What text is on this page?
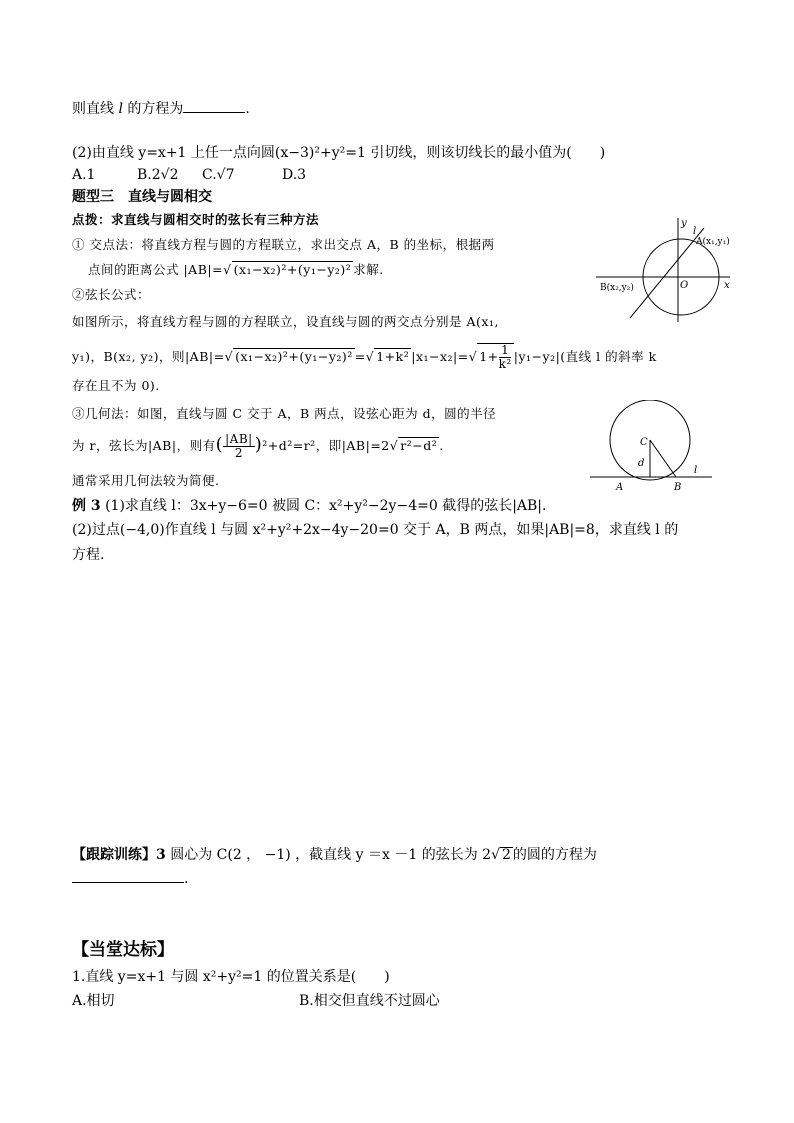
则直线 l 的方程为	.
(2)由直线 y=x+1 上任一点向圆(x−3)²+y²=1 引切线，则该切线长的最小值为(　　)
A.1	B.2√2 C.√7	D.3
题型三　直线与圆相交
点拨：求直线与圆相交时的弦长有三种方法
① 交点法：将直线方程与圆的方程联立，求出交点 A，B 的坐标，根据两
点间的距离公式 |AB|=√ (x₁−x₂)²+(y₁−y₂)² 求解.
②弦长公式：
如图所示，将直线方程与圆的方程联立，设直线与圆的两交点分别是 A(x₁,
y₁)，B(x₂, y₂)，则|AB|=√ (x₁−x₂)²+(y₁−y₂)² =√ 1+k² |x₁−x₂|=√ $1+ \frac{1}{\text{k²}} |y_1-y_2|$(直线 l 的斜率 k
存在且不为 0).
③几何法：如图，直线与圆 C 交于 A，B 两点，设弦心距为 d，圆的半径
为 r，弦长为|AB|，则有( $\frac{|AB|}{2} )^2+d^2=r^2$，即|AB|=2√ r²−d² .
通常采用几何法较为简便.
例 3 (1)求直线 l：3x+y−6=0 被圆 C：x²+y²−2y−4=0 截得的弦长|AB|.
(2)过点(−4,0)作直线 l 与圆 x²+y²+2x−4y−20=0 交于 A，B 两点，如果|AB|=8，求直线 l 的
方程.
【跟踪训练】3 圆心为 C(2 ， −1) ，截直线 y ＝x －1 的弦长为 2√ 2 的圆的方程为
.
【当堂达标】
1.直线 y=x+1 与圆 x²+y²=1 的位置关系是(　　)
A.相切	B.相交但直线不过圆心
y
l
A(x₁,y₁)
B(x₂,y₂)	O	x
C
d
l
A	B
